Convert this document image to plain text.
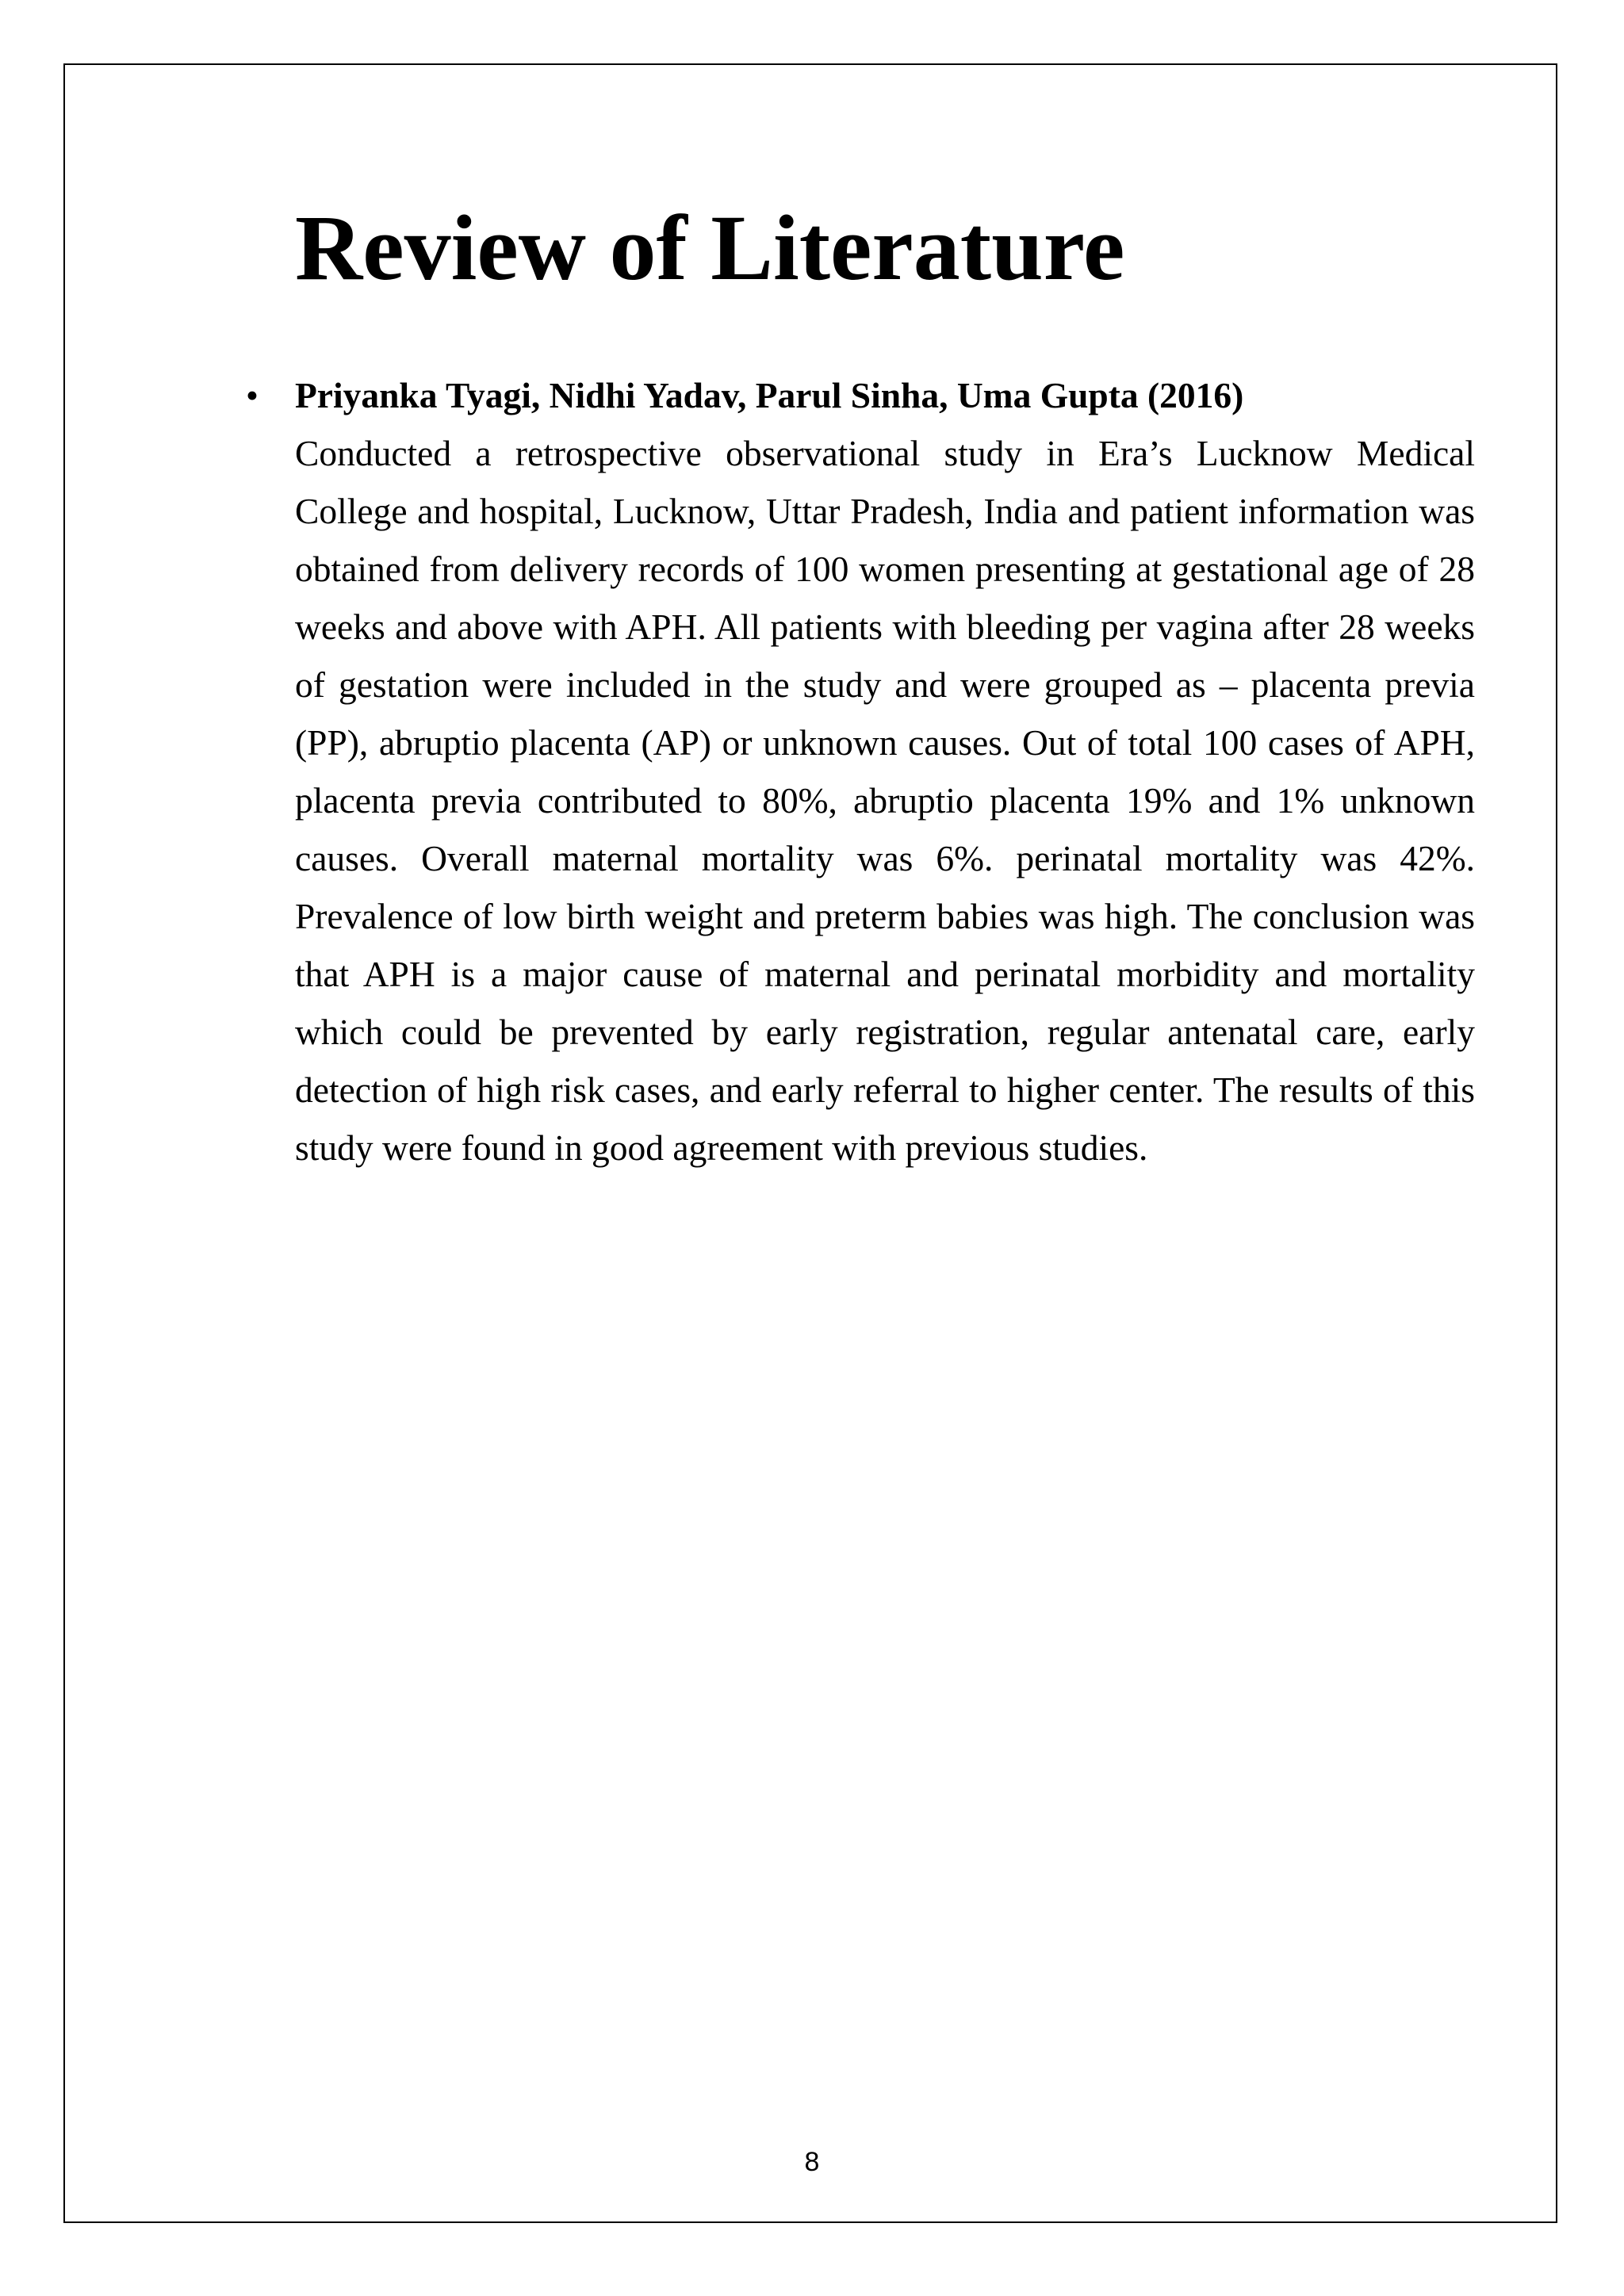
Review of Literature
• Priyanka Tyagi, Nidhi Yadav, Parul Sinha, Uma Gupta (2016)

Conducted a retrospective observational study in Era’s Lucknow Medical College and hospital, Lucknow, Uttar Pradesh, India and patient information was obtained from delivery records of 100 women presenting at gestational age of 28 weeks and above with APH. All patients with bleeding per vagina after 28 weeks of gestation were included in the study and were grouped as – placenta previa (PP), abruptio placenta (AP) or unknown causes. Out of total 100 cases of APH, placenta previa contributed to 80%, abruptio placenta 19% and 1% unknown causes. Overall maternal mortality was 6%. perinatal mortality was 42%. Prevalence of low birth weight and preterm babies was high. The conclusion was that APH is a major cause of maternal and perinatal morbidity and mortality which could be prevented by early registration, regular antenatal care, early detection of high risk cases, and early referral to higher center. The results of this study were found in good agreement with previous studies.

8
